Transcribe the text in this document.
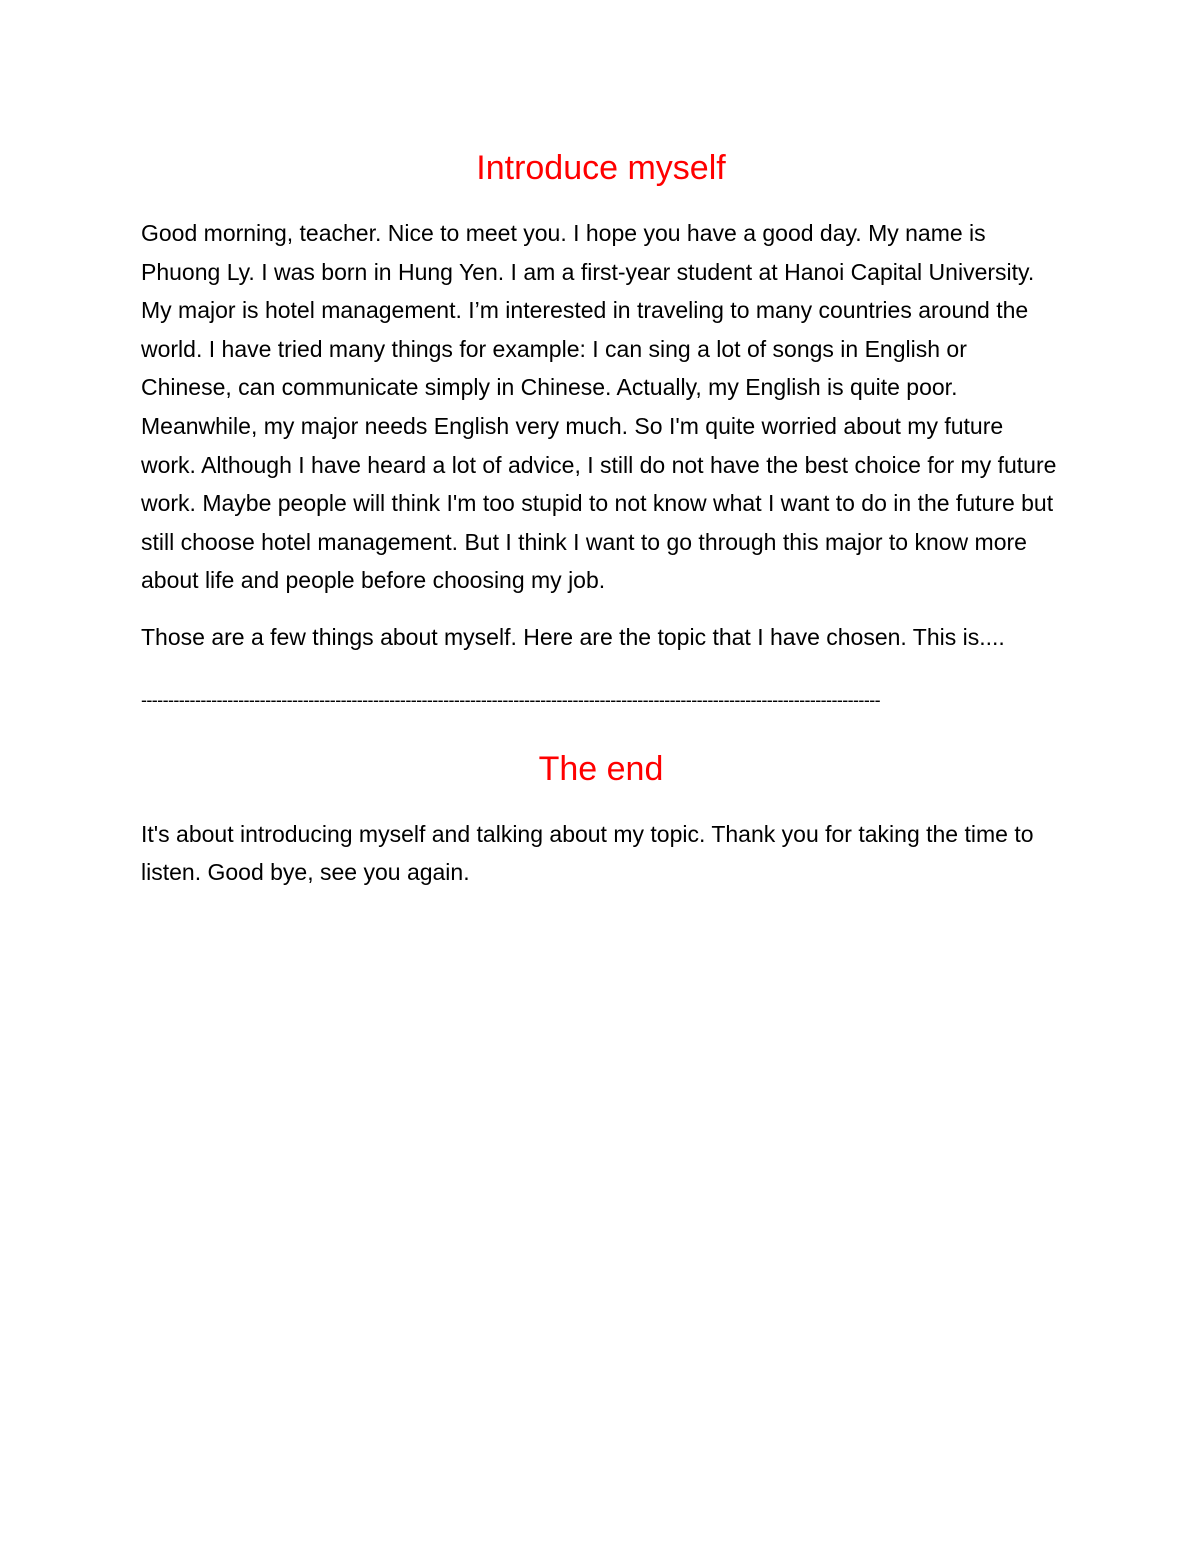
Introduce myself

Good morning, teacher. Nice to meet you. I hope you have a good day. My name is Phuong Ly. I was born in Hung Yen. I am a first-year student at Hanoi Capital University. My major is hotel management. I’m interested in traveling to many countries around the world. I have tried many things for example: I can sing a lot of songs in English or Chinese, can communicate simply in Chinese. Actually, my English is quite poor. Meanwhile, my major needs English very much. So I'm quite worried about my future work. Although I have heard a lot of advice, I still do not have the best choice for my future work. Maybe people will think I'm too stupid to not know what I want to do in the future but still choose hotel management. But I think I want to go through this major to know more about life and people before choosing my job.

Those are a few things about myself. Here are the topic that I have chosen. This is....

-----------------------------------------------------------------------------------------------------------------------------------------
The end

It's about introducing myself and talking about my topic. Thank you for taking the time to listen. Good bye, see you again.
